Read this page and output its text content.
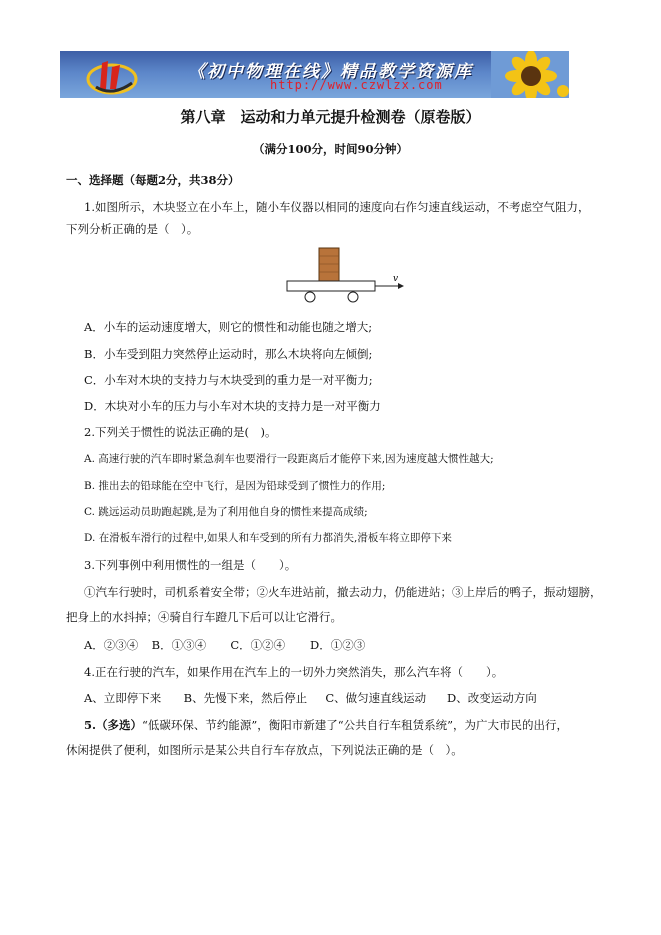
《初中物理在线》精品教学资源库
http://www.czwlzx.com
第八章　运动和力单元提升检测卷（原卷版）
（满分100分，时间90分钟）
一、选择题（每题2分，共38分）
1.如图所示，木块竖立在小车上，随小车仪器以相同的速度向右作匀速直线运动，不考虑空气阻力，
下列分析正确的是（　）。
v
A．小车的运动速度增大，则它的惯性和动能也随之增大;
B．小车受到阻力突然停止运动时，那么木块将向左倾倒;
C．小车对木块的支持力与木块受到的重力是一对平衡力;
D．木块对小车的压力与小车对木块的支持力是一对平衡力
2.下列关于惯性的说法正确的是(　)。
A. 高速行驶的汽车即时紧急刹车也要滑行一段距离后才能停下来,因为速度越大惯性越大;
B. 推出去的铅球能在空中飞行，是因为铅球受到了惯性力的作用;
C. 跳远运动员助跑起跳,是为了利用他自身的惯性来提高成绩;
D. 在滑板车滑行的过程中,如果人和车受到的所有力都消失,滑板车将立即停下来
3.下列事例中利用惯性的一组是（　　）。
①汽车行驶时，司机系着安全带；②火车进站前，撤去动力，仍能进站；③上岸后的鸭子，振动翅膀，
把身上的水抖掉；④骑自行车蹬几下后可以让它滑行。
A．②③④ B．①③④ C．①②④ D．①②③
4.正在行驶的汽车，如果作用在汽车上的一切外力突然消失，那么汽车将（　　）。
A、立即停下来 B、先慢下来，然后停止 C、做匀速直线运动 D、改变运动方向
5.（多选）“低碳环保、节约能源”，衡阳市新建了“公共自行车租赁系统”，为广大市民的出行，
休闲提供了便利，如图所示是某公共自行车存放点，下列说法正确的是（　）。
